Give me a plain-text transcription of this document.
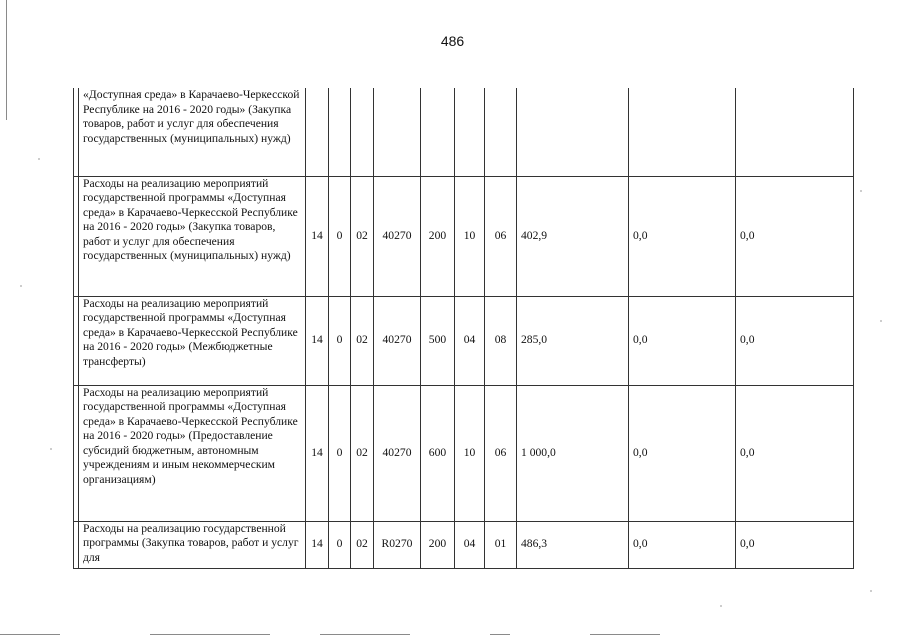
486
	«Доступная среда» в Карачаево-Черкесской Республике на 2016 - 2020 годы» (Закупка товаров, работ и услуг для обеспечения государственных (муниципальных) нужд)										
	Расходы на реализацию мероприятий государственной программы «Доступная среда» в Карачаево-Черкесской Республике на 2016 - 2020 годы» (Закупка товаров, работ и услуг для обеспечения государственных (муниципальных) нужд)	14	0	02	40270	200	10	06	402,9	0,0	0,0
	Расходы на реализацию мероприятий государственной программы «Доступная среда» в Карачаево-Черкесской Республике на 2016 - 2020 годы» (Межбюджетные трансферты)	14	0	02	40270	500	04	08	285,0	0,0	0,0
	Расходы на реализацию мероприятий государственной программы «Доступная среда» в Карачаево-Черкесской Республике на 2016 - 2020 годы» (Предоставление субсидий бюджетным, автономным учреждениям и иным некоммерческим организациям)	14	0	02	40270	600	10	06	1 000,0	0,0	0,0
	Расходы на реализацию государственной программы (Закупка товаров, работ и услуг для	14	0	02	R0270	200	04	01	486,3	0,0	0,0
